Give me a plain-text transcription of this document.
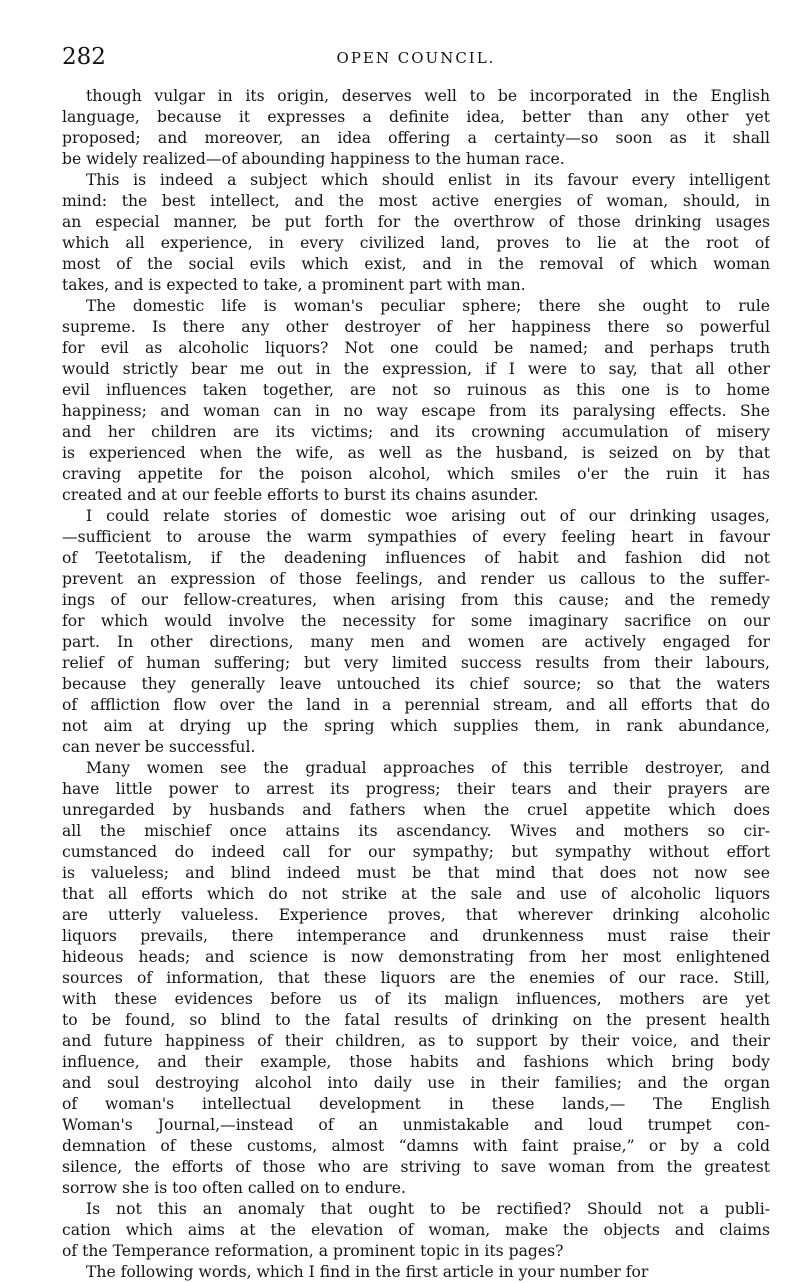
282	OPEN COUNCIL.
though vulgar in its origin, deserves well to be incorporated in the English
language, because it expresses a definite idea, better than any other yet
proposed; and moreover, an idea offering a certainty—so soon as it shall
be widely realized—of abounding happiness to the human race.
This is indeed a subject which should enlist in its favour every intelligent
mind: the best intellect, and the most active energies of woman, should, in
an especial manner, be put forth for the overthrow of those drinking usages
which all experience, in every civilized land, proves to lie at the root of
most of the social evils which exist, and in the removal of which woman
takes, and is expected to take, a prominent part with man.
The domestic life is woman's peculiar sphere; there she ought to rule
supreme. Is there any other destroyer of her happiness there so powerful
for evil as alcoholic liquors? Not one could be named; and perhaps truth
would strictly bear me out in the expression, if I were to say, that all other
evil influences taken together, are not so ruinous as this one is to home
happiness; and woman can in no way escape from its paralysing effects. She
and her children are its victims; and its crowning accumulation of misery
is experienced when the wife, as well as the husband, is seized on by that
craving appetite for the poison alcohol, which smiles o'er the ruin it has
created and at our feeble efforts to burst its chains asunder.
I could relate stories of domestic woe arising out of our drinking usages,
—sufficient to arouse the warm sympathies of every feeling heart in favour
of Teetotalism, if the deadening influences of habit and fashion did not
prevent an expression of those feelings, and render us callous to the suffer-
ings of our fellow-creatures, when arising from this cause; and the remedy
for which would involve the necessity for some imaginary sacrifice on our
part. In other directions, many men and women are actively engaged for
relief of human suffering; but very limited success results from their labours,
because they generally leave untouched its chief source; so that the waters
of affliction flow over the land in a perennial stream, and all efforts that do
not aim at drying up the spring which supplies them, in rank abundance,
can never be successful.
Many women see the gradual approaches of this terrible destroyer, and
have little power to arrest its progress; their tears and their prayers are
unregarded by husbands and fathers when the cruel appetite which does
all the mischief once attains its ascendancy. Wives and mothers so cir-
cumstanced do indeed call for our sympathy; but sympathy without effort
is valueless; and blind indeed must be that mind that does not now see
that all efforts which do not strike at the sale and use of alcoholic liquors
are utterly valueless. Experience proves, that wherever drinking alcoholic
liquors prevails, there intemperance and drunkenness must raise their
hideous heads; and science is now demonstrating from her most enlightened
sources of information, that these liquors are the enemies of our race. Still,
with these evidences before us of its malign influences, mothers are yet
to be found, so blind to the fatal results of drinking on the present health
and future happiness of their children, as to support by their voice, and their
influence, and their example, those habits and fashions which bring body
and soul destroying alcohol into daily use in their families; and the organ
of woman's intellectual development in these lands,— The English
Woman's Journal,—instead of an unmistakable and loud trumpet con-
demnation of these customs, almost “damns with faint praise,” or by a cold
silence, the efforts of those who are striving to save woman from the greatest
sorrow she is too often called on to endure.
Is not this an anomaly that ought to be rectified? Should not a publi-
cation which aims at the elevation of woman, make the objects and claims
of the Temperance reformation, a prominent topic in its pages?
The following words, which I find in the first article in your number for
